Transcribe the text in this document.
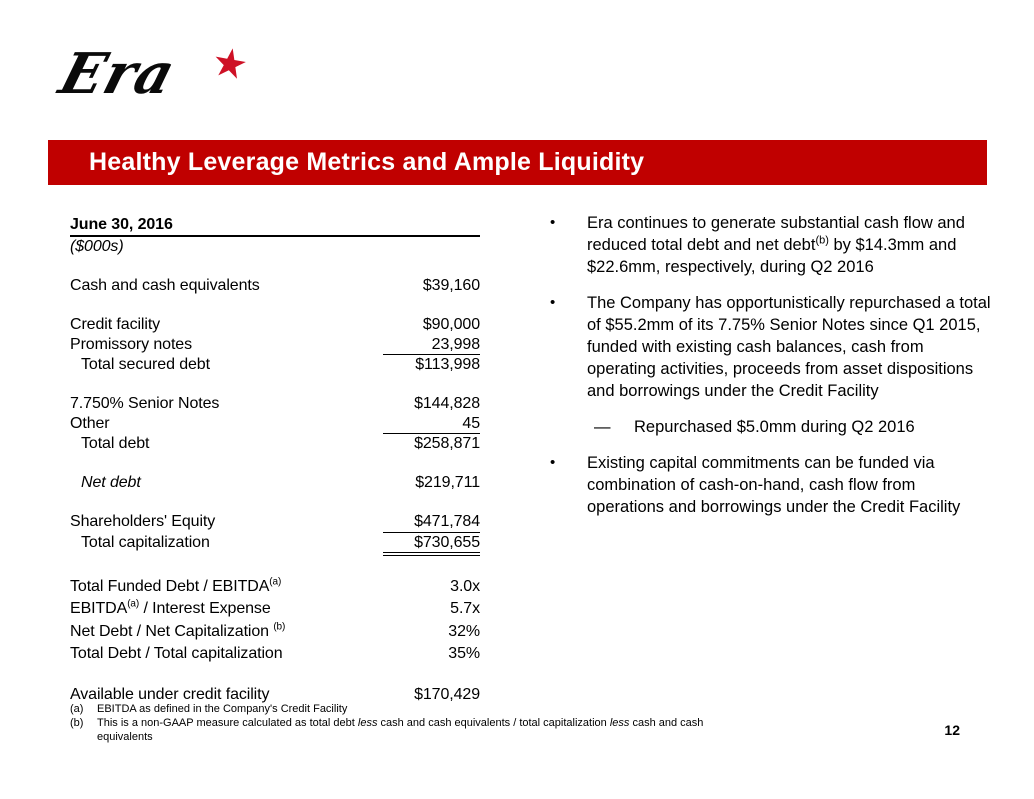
Era ★
Healthy Leverage Metrics and Ample Liquidity
June 30, 2016
($000s)
Cash and cash equivalents	$39,160
Credit facility	$90,000
Promissory notes	23,998
Total secured debt	$113,998
7.750% Senior Notes	$144,828
Other	45
Total debt	$258,871
Net debt	$219,711
Shareholders' Equity	$471,784
Total capitalization	$730,655
Total Funded Debt / EBITDA$^{(a)}$	3.0x
EBITDA$^{(a)}$ / Interest Expense	5.7x
Net Debt / Net Capitalization $^{(b)}$	32%
Total Debt / Total capitalization	35%
Available under credit facility	$170,429
•	Era continues to generate substantial cash flow and reduced total debt and net debt$^{(b)}$ by $14.3mm and $22.6mm, respectively, during Q2 2016
•	The Company has opportunistically repurchased a total of $55.2mm of its 7.75% Senior Notes since Q1 2015, funded with existing cash balances, cash from operating activities, proceeds from asset dispositions and borrowings under the Credit Facility
—	Repurchased $5.0mm during Q2 2016
•	Existing capital commitments can be funded via combination of cash-on-hand, cash flow from operations and borrowings under the Credit Facility
(a)	EBITDA as defined in the Company's Credit Facility
(b)	This is a non-GAAP measure calculated as total debt less cash and cash equivalents / total capitalization less cash and cash equivalents	12
